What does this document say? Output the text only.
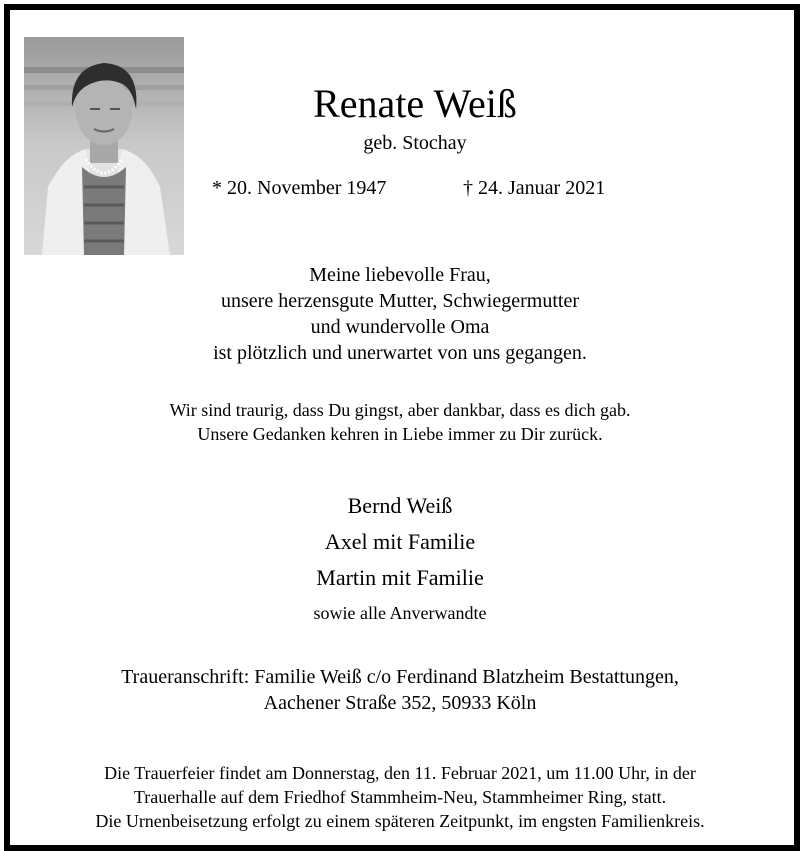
Renate Weiß
geb. Stochay
* 20. November 1947	† 24. Januar 2021
Meine liebevolle Frau,
unsere herzensgute Mutter, Schwiegermutter
und wundervolle Oma
ist plötzlich und unerwartet von uns gegangen.
Wir sind traurig, dass Du gingst, aber dankbar, dass es dich gab.
Unsere Gedanken kehren in Liebe immer zu Dir zurück.
Bernd Weiß
Axel mit Familie
Martin mit Familie
sowie alle Anverwandte
Traueranschrift: Familie Weiß c/o Ferdinand Blatzheim Bestattungen,
Aachener Straße 352, 50933 Köln
Die Trauerfeier findet am Donnerstag, den 11. Februar 2021, um 11.00 Uhr, in der
Trauerhalle auf dem Friedhof Stammheim-Neu, Stammheimer Ring, statt.
Die Urnenbeisetzung erfolgt zu einem späteren Zeitpunkt, im engsten Familienkreis.
